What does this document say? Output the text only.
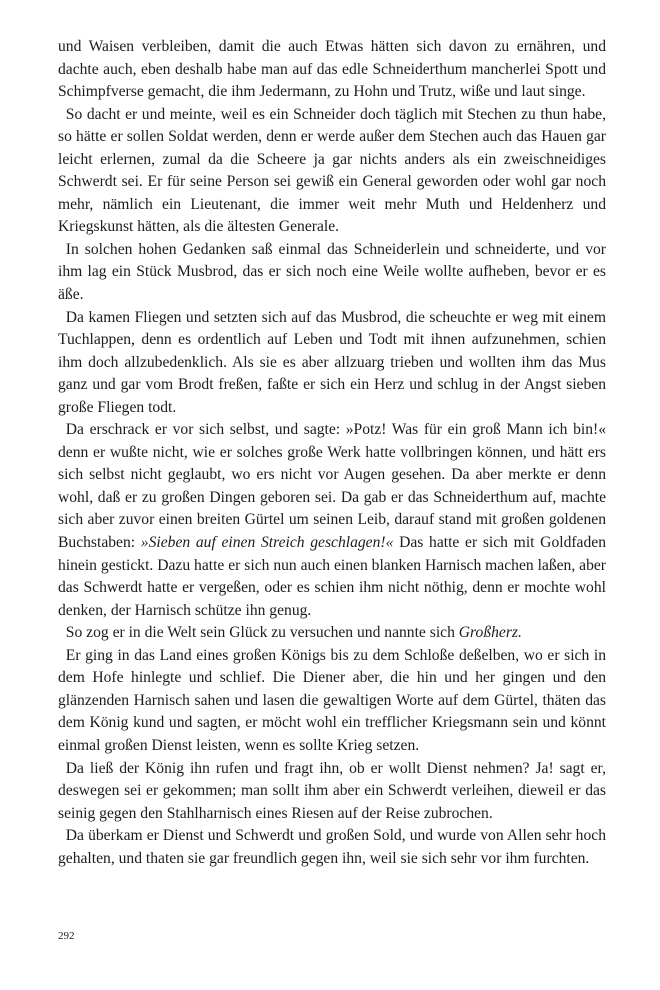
und Waisen verbleiben, damit die auch Etwas hätten sich davon zu ernähren, und dachte auch, eben deshalb habe man auf das edle Schneiderthum mancherlei Spott und Schimpfverse gemacht, die ihm Jedermann, zu Hohn und Trutz, wiße und laut singe.

So dacht er und meinte, weil es ein Schneider doch täglich mit Stechen zu thun habe, so hätte er sollen Soldat werden, denn er werde außer dem Stechen auch das Hauen gar leicht erlernen, zumal da die Scheere ja gar nichts anders als ein zweischneidiges Schwerdt sei. Er für seine Person sei gewiß ein General geworden oder wohl gar noch mehr, nämlich ein Lieutenant, die immer weit mehr Muth und Heldenherz und Kriegskunst hätten, als die ältesten Generale.

In solchen hohen Gedanken saß einmal das Schneiderlein und schneiderte, und vor ihm lag ein Stück Musbrod, das er sich noch eine Weile wollte aufheben, bevor er es äße.

Da kamen Fliegen und setzten sich auf das Musbrod, die scheuchte er weg mit einem Tuchlappen, denn es ordentlich auf Leben und Todt mit ihnen aufzunehmen, schien ihm doch allzubedenklich. Als sie es aber allzuarg trieben und wollten ihm das Mus ganz und gar vom Brodt freßen, faßte er sich ein Herz und schlug in der Angst sieben große Fliegen todt.

Da erschrack er vor sich selbst, und sagte: »Potz! Was für ein groß Mann ich bin!« denn er wußte nicht, wie er solches große Werk hatte vollbringen können, und hätt ers sich selbst nicht geglaubt, wo ers nicht vor Augen gesehen. Da aber merkte er denn wohl, daß er zu großen Dingen geboren sei. Da gab er das Schneiderthum auf, machte sich aber zuvor einen breiten Gürtel um seinen Leib, darauf stand mit großen goldenen Buchstaben: »Sieben auf einen Streich geschlagen!« Das hatte er sich mit Goldfaden hinein gestickt. Dazu hatte er sich nun auch einen blanken Harnisch machen laßen, aber das Schwerdt hatte er vergeßen, oder es schien ihm nicht nöthig, denn er mochte wohl denken, der Harnisch schütze ihn genug.

So zog er in die Welt sein Glück zu versuchen und nannte sich Großherz.

Er ging in das Land eines großen Königs bis zu dem Schloße deßelben, wo er sich in dem Hofe hinlegte und schlief. Die Diener aber, die hin und her gingen und den glänzenden Harnisch sahen und lasen die gewaltigen Worte auf dem Gürtel, thäten das dem König kund und sagten, er möcht wohl ein trefflicher Kriegsmann sein und könnt einmal großen Dienst leisten, wenn es sollte Krieg setzen.

Da ließ der König ihn rufen und fragt ihn, ob er wollt Dienst nehmen? Ja! sagt er, deswegen sei er gekommen; man sollt ihm aber ein Schwerdt verleihen, dieweil er das seinig gegen den Stahlharnisch eines Riesen auf der Reise zubrochen.

Da überkam er Dienst und Schwerdt und großen Sold, und wurde von Allen sehr hoch gehalten, und thaten sie gar freundlich gegen ihn, weil sie sich sehr vor ihm furchten.

292
